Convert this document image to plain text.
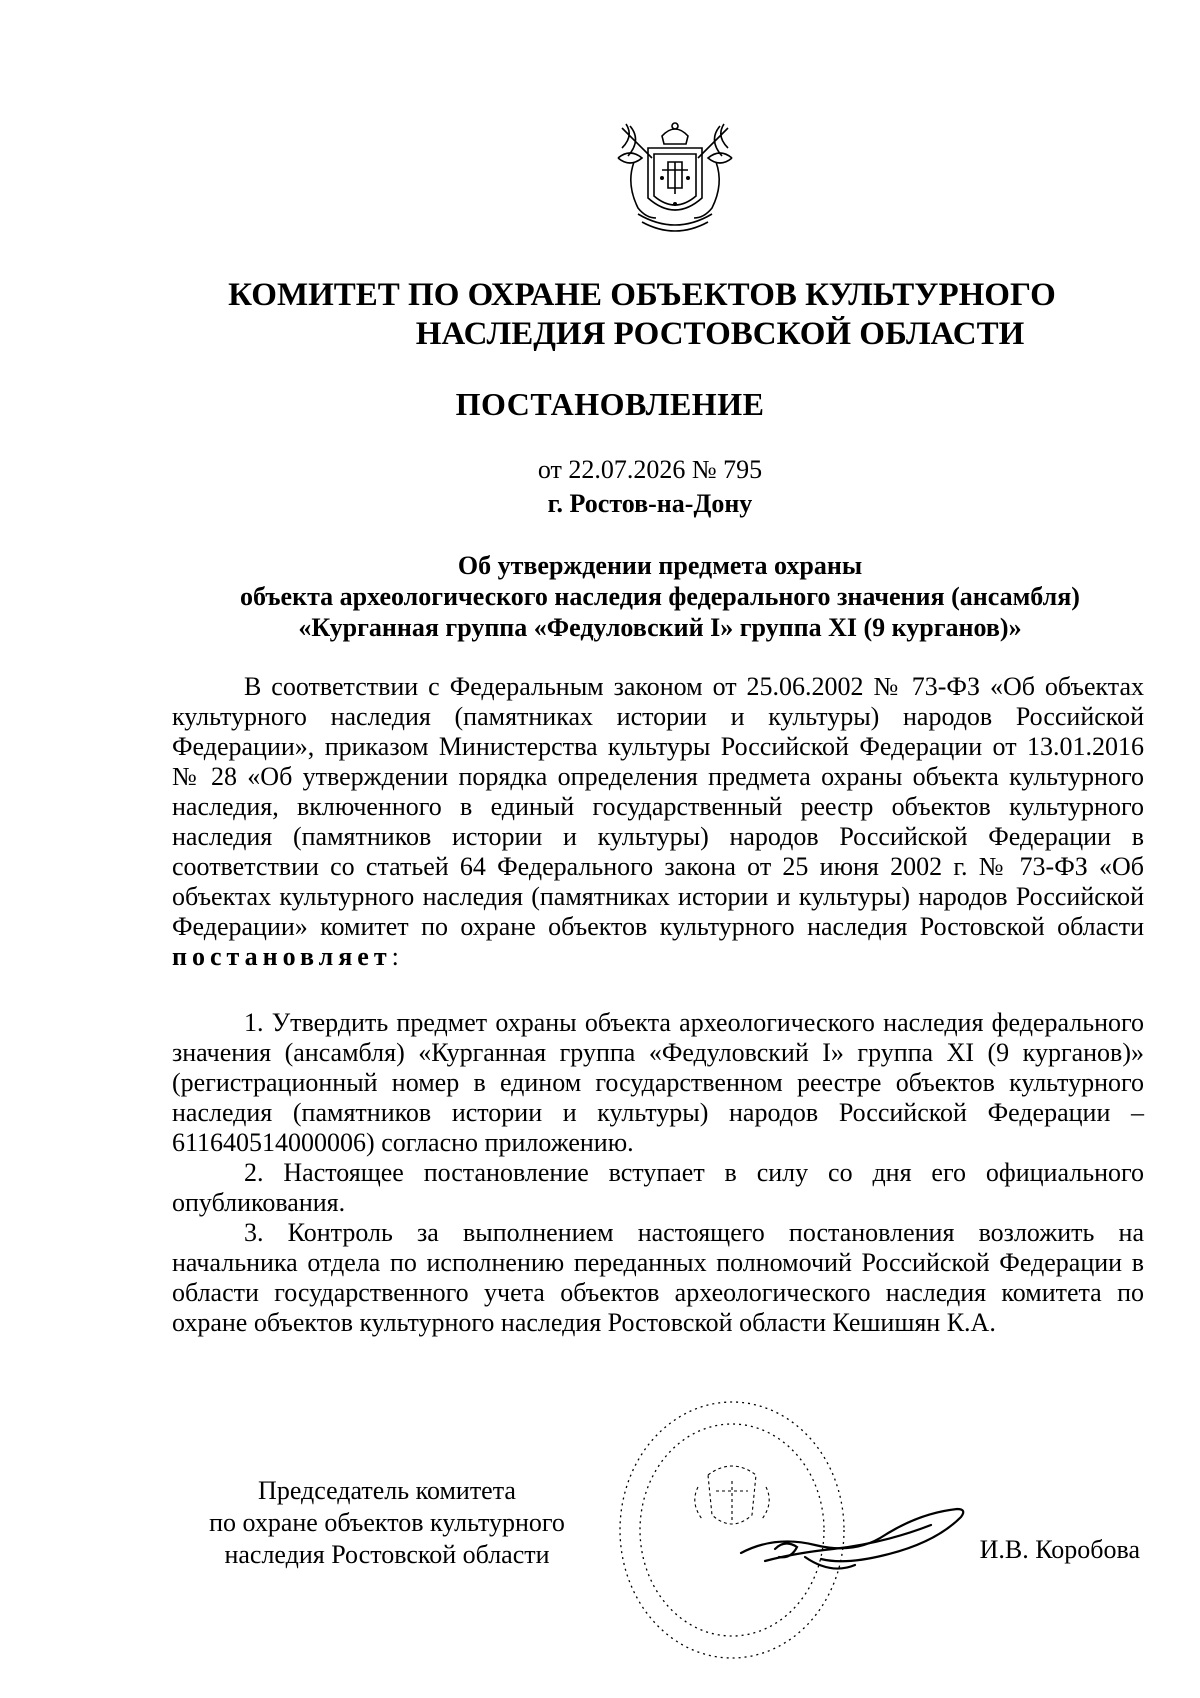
КОМИТЕТ ПО ОХРАНЕ ОБЪЕКТОВ КУЛЬТУРНОГО
НАСЛЕДИЯ РОСТОВСКОЙ ОБЛАСТИ
ПОСТАНОВЛЕНИЕ
от 22.07.2026 № 795
г. Ростов-на-Дону
Об утверждении предмета охраны
объекта археологического наследия федерального значения (ансамбля)
«Курганная группа «Федуловский I» группа XI (9 курганов)»

В соответствии с Федеральным законом от 25.06.2002 № 73-ФЗ «Об объектах культурного наследия (памятниках истории и культуры) народов Российской Федерации», приказом Министерства культуры Российской Федерации от 13.01.2016 № 28 «Об утверждении порядка определения предмета охраны объекта культурного наследия, включенного в единый государственный реестр объектов культурного наследия (памятников истории и культуры) народов Российской Федерации в соответствии со статьей 64 Федерального закона от 25 июня 2002 г. № 73-ФЗ «Об объектах культурного наследия (памятниках истории и культуры) народов Российской Федерации» комитет по охране объектов культурного наследия Ростовской области постановляет:

1. Утвердить предмет охраны объекта археологического наследия федерального значения (ансамбля) «Курганная группа «Федуловский I» группа XI (9 курганов)» (регистрационный номер в едином государственном реестре объектов культурного наследия (памятников истории и культуры) народов Российской Федерации – 611640514000006) согласно приложению.

2. Настоящее постановление вступает в силу со дня его официального опубликования.

3. Контроль за выполнением настоящего постановления возложить на начальника отдела по исполнению переданных полномочий Российской Федерации в области государственного учета объектов археологического наследия комитета по охране объектов культурного наследия Ростовской области Кешишян К.А.

Председатель комитета
по охране объектов культурного
наследия Ростовской области	И.В. Коробова
